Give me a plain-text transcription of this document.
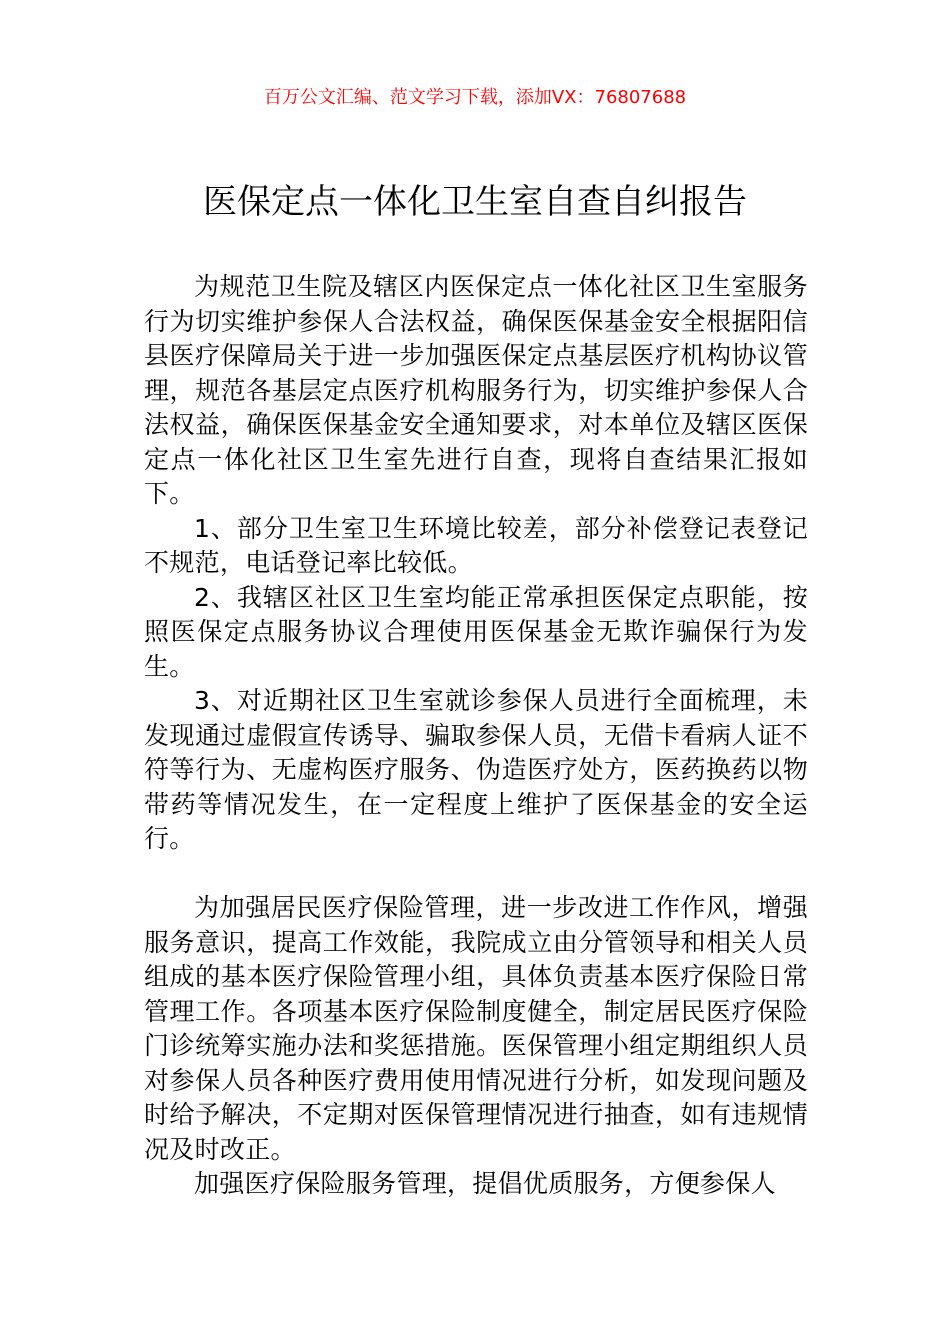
百万公文汇编、范文学习下载，添加VX：76807688
医保定点一体化卫生室自查自纠报告

为规范卫生院及辖区内医保定点一体化社区卫生室服务行为切实维护参保人合法权益，确保医保基金安全根据阳信县医疗保障局关于进一步加强医保定点基层医疗机构协议管理，规范各基层定点医疗机构服务行为，切实维护参保人合法权益，确保医保基金安全通知要求，对本单位及辖区医保定点一体化社区卫生室先进行自查，现将自查结果汇报如下。

1、部分卫生室卫生环境比较差，部分补偿登记表登记不规范，电话登记率比较低。

2、我辖区社区卫生室均能正常承担医保定点职能，按照医保定点服务协议合理使用医保基金无欺诈骗保行为发生。

3、对近期社区卫生室就诊参保人员进行全面梳理，未发现通过虚假宣传诱导、骗取参保人员，无借卡看病人证不符等行为、无虚构医疗服务、伪造医疗处方，医药换药以物带药等情况发生，在一定程度上维护了医保基金的安全运行。

为加强居民医疗保险管理，进一步改进工作作风，增强服务意识，提高工作效能，我院成立由分管领导和相关人员组成的基本医疗保险管理小组，具体负责基本医疗保险日常管理工作。各项基本医疗保险制度健全，制定居民医疗保险门诊统筹实施办法和奖惩措施。医保管理小组定期组织人员对参保人员各种医疗费用使用情况进行分析，如发现问题及时给予解决，不定期对医保管理情况进行抽查，如有违规情况及时改正。

加强医疗保险服务管理，提倡优质服务，方便参保人
